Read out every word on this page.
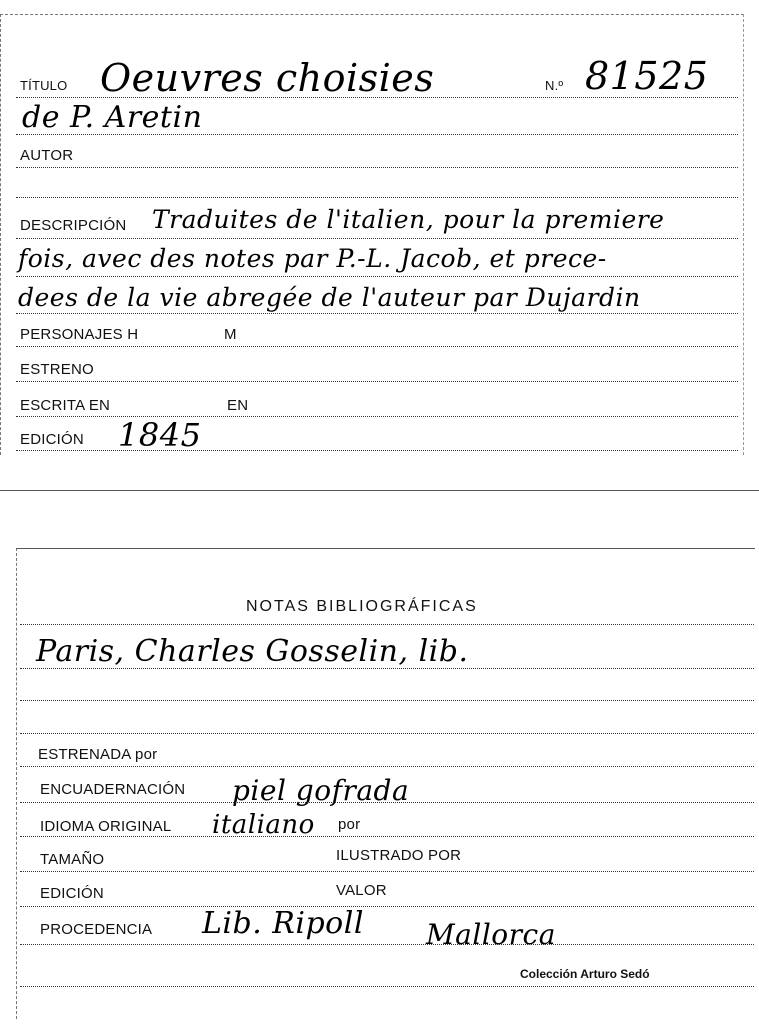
TÍTULO Oeuvres choisies	N.º 81525
de P. Aretin
AUTOR
DESCRIPCIÓN Traduites de l'italien, pour la premiere
fois, avec des notes par P.-L. Jacob, et prece-
dees de la vie abregée de l'auteur par Dujardin
PERSONAJES H	M
ESTRENO
ESCRITA EN	EN
EDICIÓN 1845
NOTAS BIBLIOGRÁFICAS
Paris, Charles Gosselin, lib.
ESTRENADA por
ENCUADERNACIÓN piel gofrada
IDIOMA ORIGINAL italiano por
TAMAÑO	ILUSTRADO POR
EDICIÓN	VALOR
PROCEDENCIA Lib. Ripoll Mallorca
Colección Arturo Sedó
